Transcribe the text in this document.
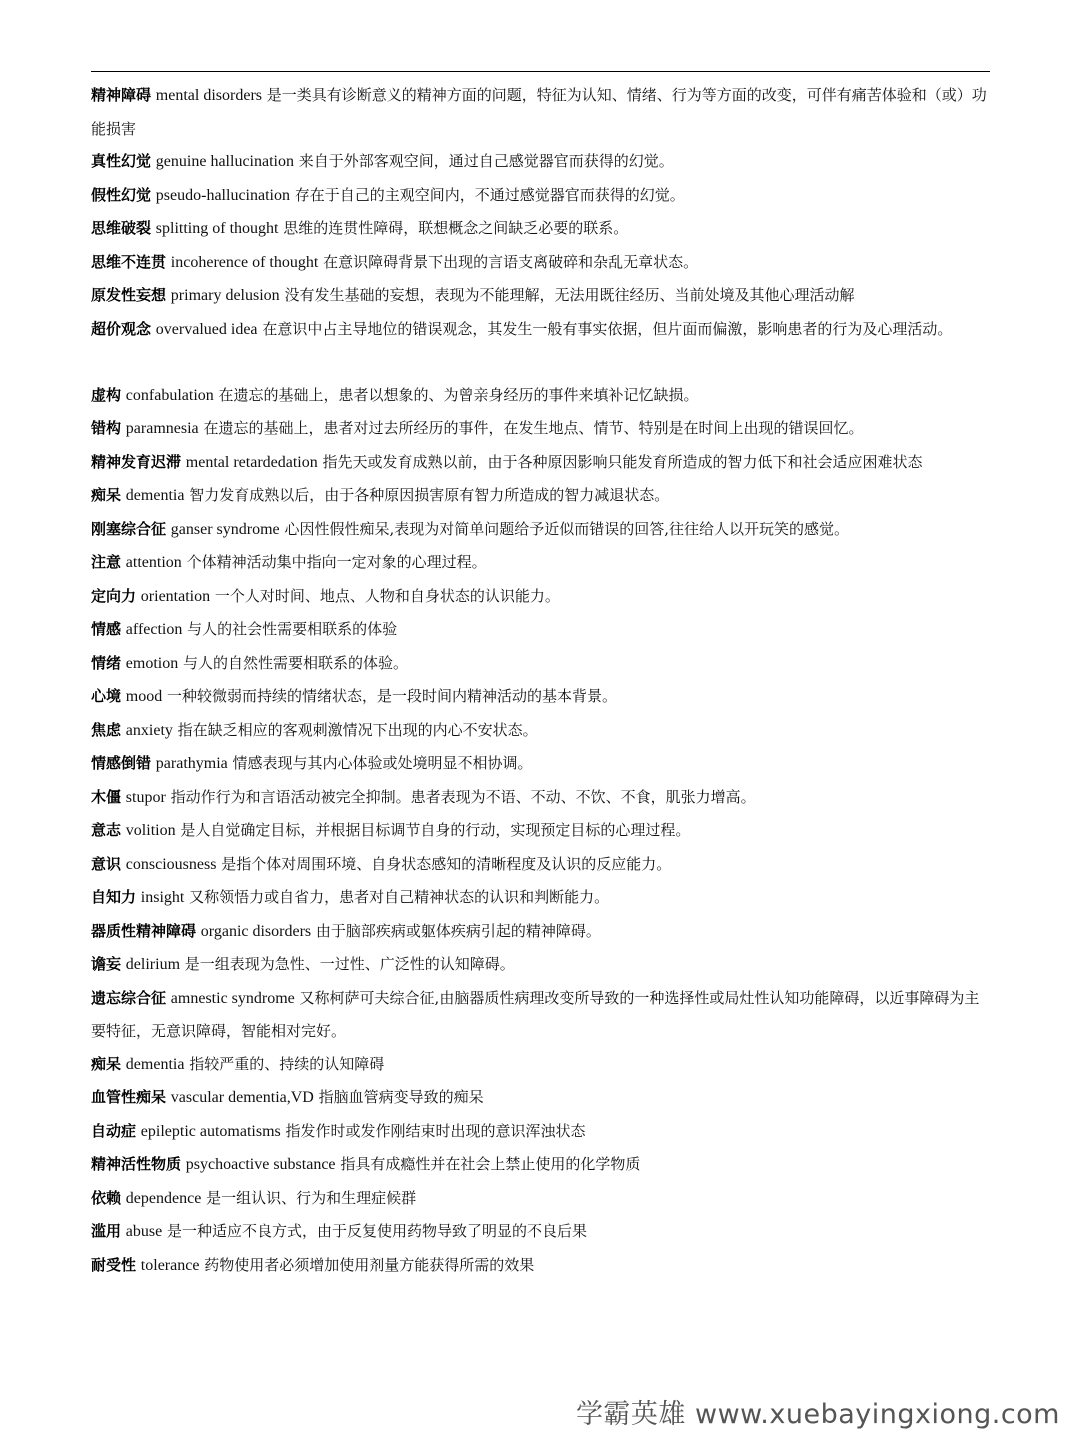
精神障碍 mental disorders 是一类具有诊断意义的精神方面的问题，特征为认知、情绪、行为等方面的改变，可伴有痛苦体验和（或）功能损害

真性幻觉 genuine hallucination 来自于外部客观空间，通过自己感觉器官而获得的幻觉。

假性幻觉 pseudo-hallucination 存在于自己的主观空间内，不通过感觉器官而获得的幻觉。

思维破裂 splitting of thought 思维的连贯性障碍，联想概念之间缺乏必要的联系。

思维不连贯 incoherence of thought 在意识障碍背景下出现的言语支离破碎和杂乱无章状态。

原发性妄想 primary delusion 没有发生基础的妄想，表现为不能理解，无法用既往经历、当前处境及其他心理活动解

超价观念 overvalued idea 在意识中占主导地位的错误观念，其发生一般有事实依据，但片面而偏激，影响患者的行为及心理活动。

虚构 confabulation 在遗忘的基础上，患者以想象的、为曾亲身经历的事件来填补记忆缺损。

错构 paramnesia 在遗忘的基础上，患者对过去所经历的事件，在发生地点、情节、特别是在时间上出现的错误回忆。

精神发育迟滞 mental retardedation 指先天或发育成熟以前，由于各种原因影响只能发育所造成的智力低下和社会适应困难状态

痴呆 dementia 智力发育成熟以后，由于各种原因损害原有智力所造成的智力减退状态。

刚塞综合征 ganser syndrome 心因性假性痴呆,表现为对简单问题给予近似而错误的回答,往往给人以开玩笑的感觉。

注意 attention 个体精神活动集中指向一定对象的心理过程。

定向力 orientation 一个人对时间、地点、人物和自身状态的认识能力。

情感 affection 与人的社会性需要相联系的体验

情绪 emotion 与人的自然性需要相联系的体验。

心境 mood 一种较微弱而持续的情绪状态，是一段时间内精神活动的基本背景。

焦虑 anxiety 指在缺乏相应的客观刺激情况下出现的内心不安状态。

情感倒错 parathymia 情感表现与其内心体验或处境明显不相协调。

木僵 stupor 指动作行为和言语活动被完全抑制。患者表现为不语、不动、不饮、不食，肌张力增高。

意志 volition 是人自觉确定目标，并根据目标调节自身的行动，实现预定目标的心理过程。

意识 consciousness 是指个体对周围环境、自身状态感知的清晰程度及认识的反应能力。

自知力 insight 又称领悟力或自省力，患者对自己精神状态的认识和判断能力。

器质性精神障碍 organic disorders 由于脑部疾病或躯体疾病引起的精神障碍。

谵妄 delirium 是一组表现为急性、一过性、广泛性的认知障碍。

遗忘综合征 amnestic syndrome 又称柯萨可夫综合征,由脑器质性病理改变所导致的一种选择性或局灶性认知功能障碍，以近事障碍为主要特征，无意识障碍，智能相对完好。

痴呆 dementia 指较严重的、持续的认知障碍

血管性痴呆 vascular dementia,VD 指脑血管病变导致的痴呆

自动症 epileptic automatisms 指发作时或发作刚结束时出现的意识浑浊状态

精神活性物质 psychoactive substance 指具有成瘾性并在社会上禁止使用的化学物质

依赖 dependence 是一组认识、行为和生理症候群

滥用 abuse 是一种适应不良方式，由于反复使用药物导致了明显的不良后果

耐受性 tolerance 药物使用者必须增加使用剂量方能获得所需的效果

学霸英雄 www.xuebayingxiong.com
